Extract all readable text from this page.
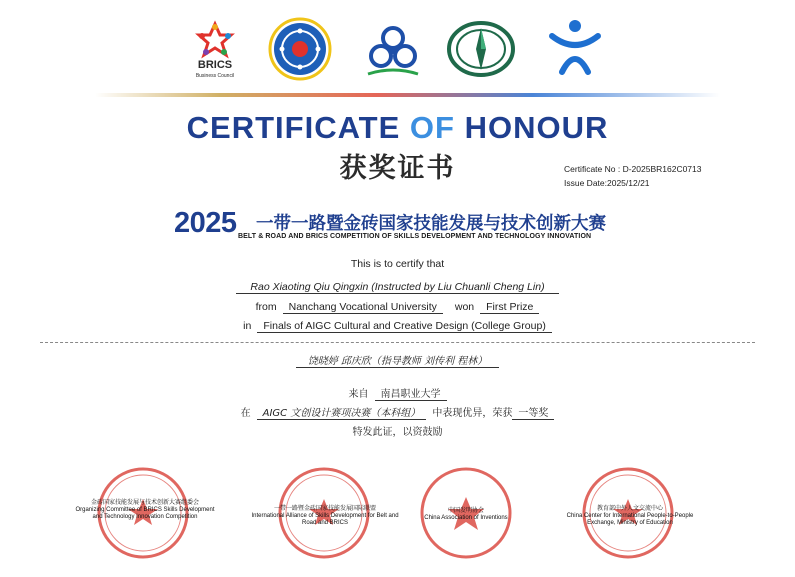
BRICS
Business Council
CERTIFICATE OF HONOUR
获奖证书	Certificate No : D-2025BR162C0713
Issue Date:2025/12/21
2025 一带一路暨金砖国家技能发展与技术创新大赛
BELT & ROAD AND BRICS COMPETITION OF SKILLS DEVELOPMENT AND TECHNOLOGY INNOVATION
This is to certify that
Rao Xiaoting Qiu Qingxin (Instructed by Liu Chuanli Cheng Lin)
from Nanchang Vocational University won First Prize
in Finals of AIGC Cultural and Creative Design (College Group)
饶晓婷 邱庆欣（指导教师 刘传利 程林）
来自 南昌职业大学
在 AIGC 文创设计赛项决赛（本科组） 中表现优异，荣获 一等奖
特发此证，以资鼓励
金砖国家技能发展与技术创新大赛组委会
Organizing Committee of BRICS Skills Development and Technology Innovation Competition
一带一路暨金砖国家技能发展国际联盟
International Alliance of Skills Development for Belt and Road and BRICS
中国发明协会
China Association of Inventions
教育部中外人文交流中心
China Center for International People-to-People Exchange, Ministry of Education
